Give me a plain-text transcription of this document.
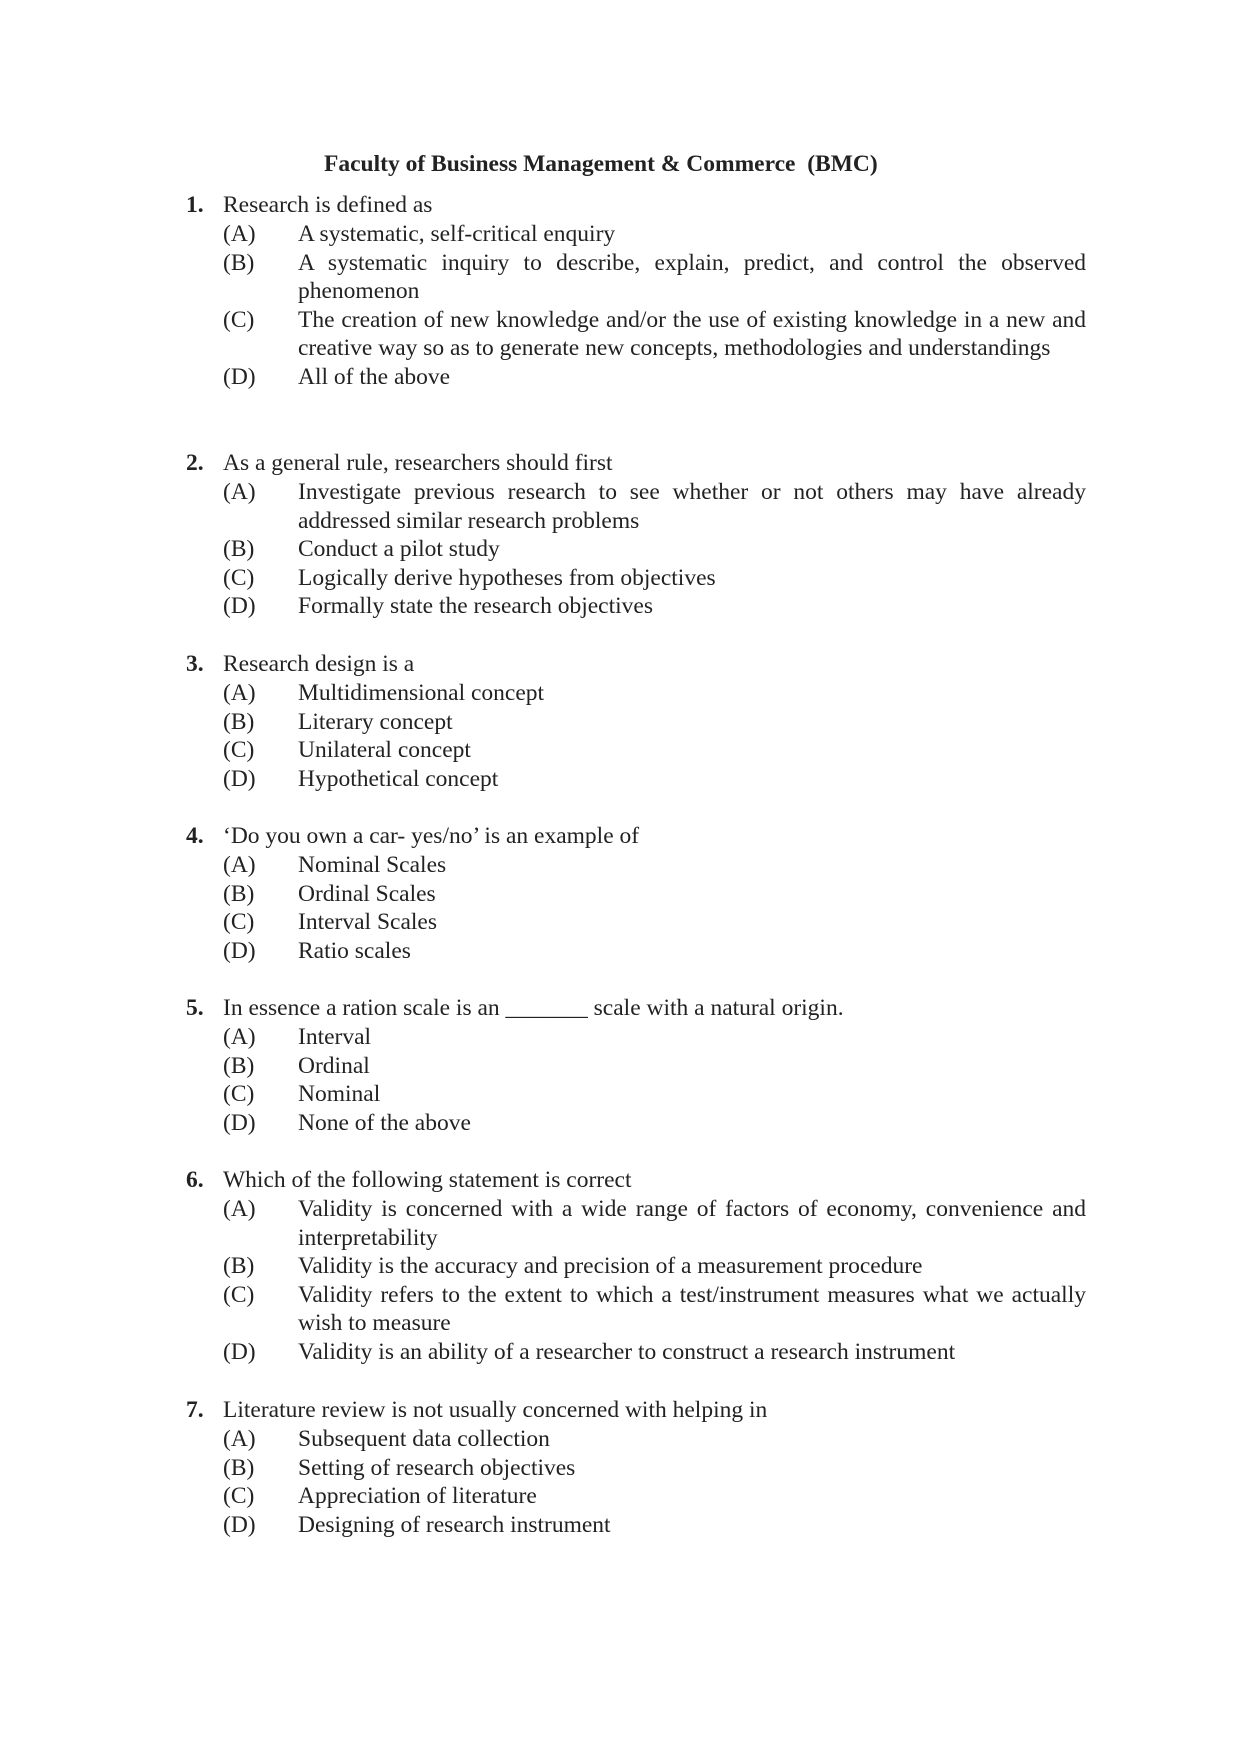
Faculty of Business Management & Commerce  (BMC)
1. Research is defined as
(A) A systematic, self-critical enquiry
(B) A systematic inquiry to describe, explain, predict, and control the observed phenomenon
(C) The creation of new knowledge and/or the use of existing knowledge in a new and creative way so as to generate new concepts, methodologies and understandings
(D) All of the above
2. As a general rule, researchers should first
(A) Investigate previous research to see whether or not others may have already addressed similar research problems
(B) Conduct a pilot study
(C) Logically derive hypotheses from objectives
(D) Formally state the research objectives
3. Research design is a
(A) Multidimensional concept
(B) Literary concept
(C) Unilateral concept
(D) Hypothetical concept
4. ‘Do you own a car- yes/no’ is an example of
(A) Nominal Scales
(B) Ordinal Scales
(C) Interval Scales
(D) Ratio scales
5. In essence a ration scale is an _______ scale with a natural origin.
(A) Interval
(B) Ordinal
(C) Nominal
(D) None of the above
6. Which of the following statement is correct
(A) Validity is concerned with a wide range of factors of economy, convenience and interpretability
(B) Validity is the accuracy and precision of a measurement procedure
(C) Validity refers to the extent to which a test/instrument measures what we actually wish to measure
(D) Validity is an ability of a researcher to construct a research instrument
7. Literature review is not usually concerned with helping in
(A) Subsequent data collection
(B) Setting of research objectives
(C) Appreciation of literature
(D) Designing of research instrument
